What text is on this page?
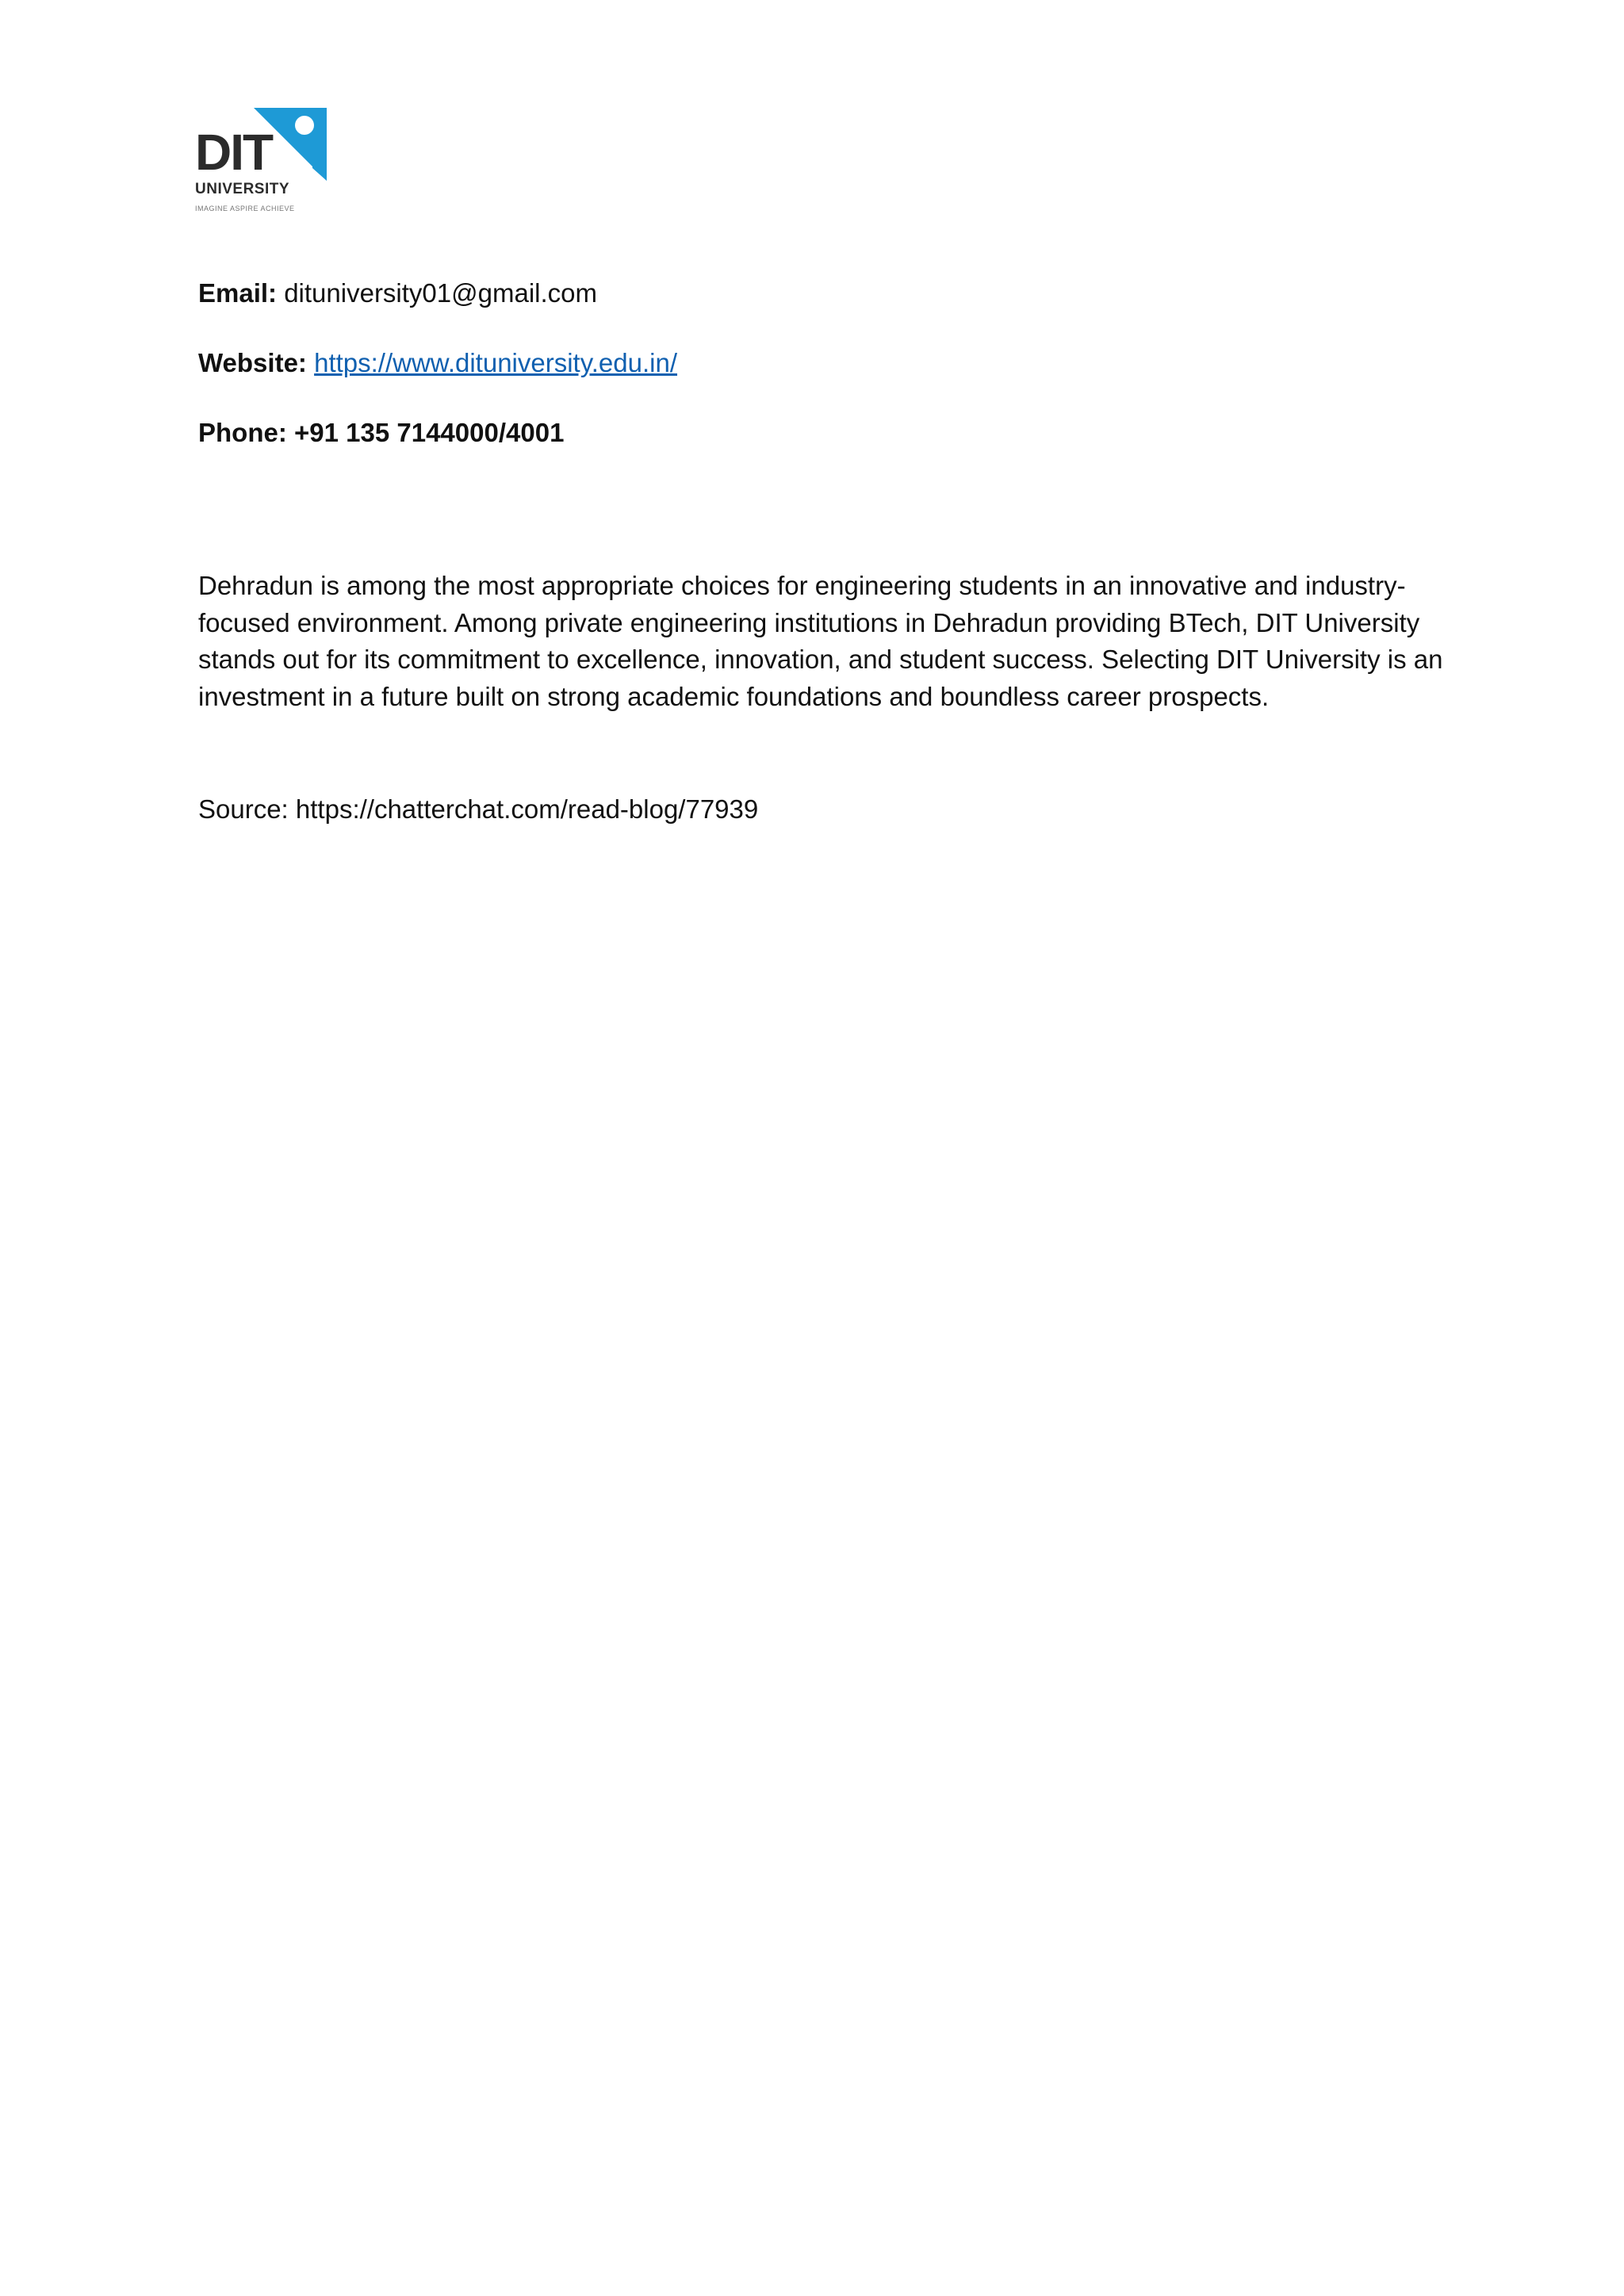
DIT
UNIVERSITY
IMAGINE ASPIRE ACHIEVE
Email: dituniversity01@gmail.com
Website: https://www.dituniversity.edu.in/
Phone: +91 135 7144000/4001

Dehradun is among the most appropriate choices for engineering students in an innovative and industry-focused environment. Among private engineering institutions in Dehradun providing BTech, DIT University stands out for its commitment to excellence, innovation, and student success. Selecting DIT University is an investment in a future built on strong academic foundations and boundless career prospects.

Source: https://chatterchat.com/read-blog/77939
